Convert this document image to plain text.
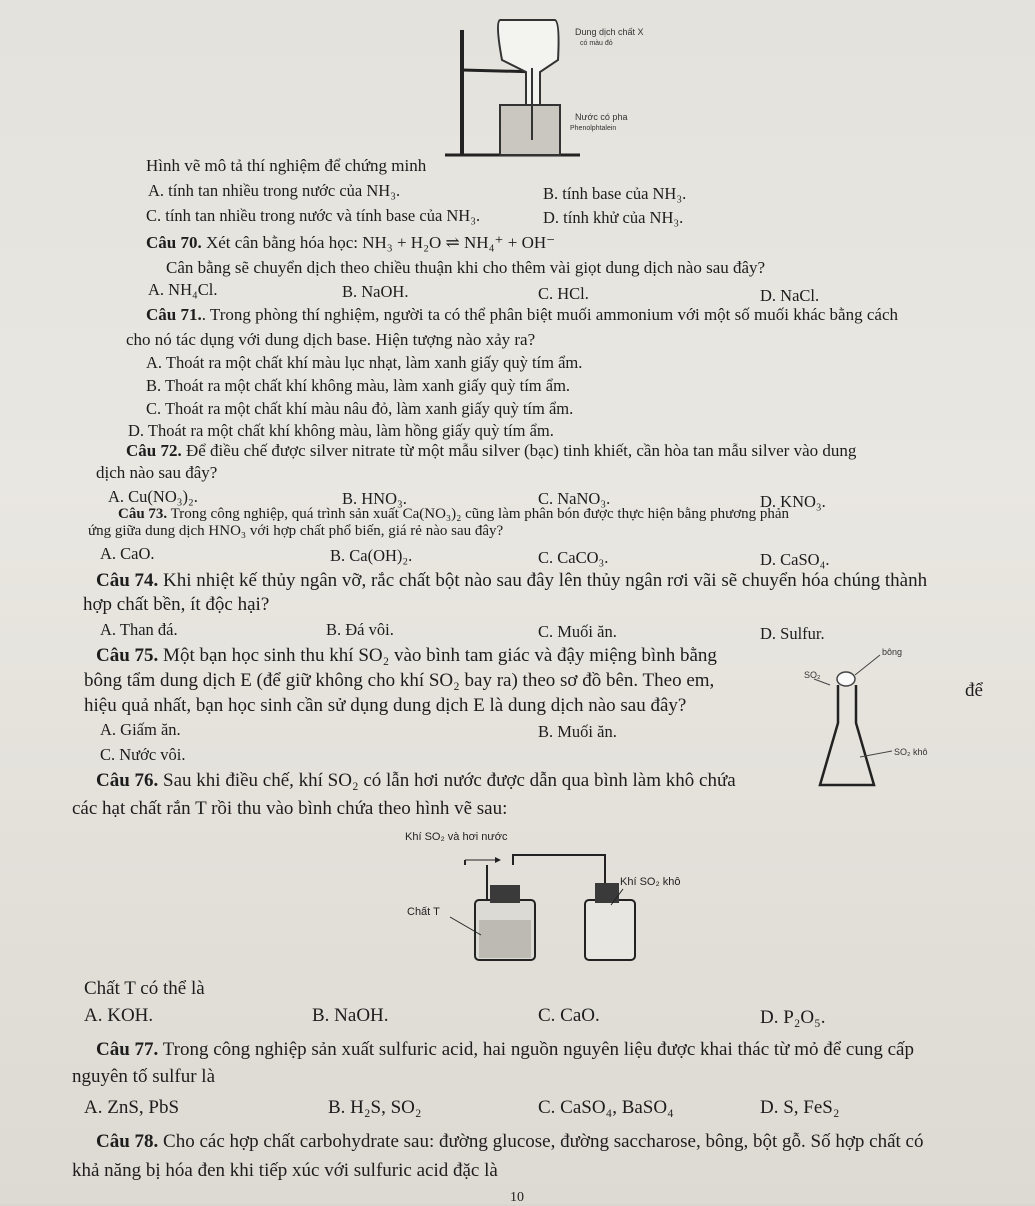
Dung dịch chất X
có màu đỏ
Nước có pha
Phenolphtalein
Hình vẽ mô tả thí nghiệm để chứng minh
A. tính tan nhiều trong nước của NH₃.	B. tính base của NH₃.
C. tính tan nhiều trong nước và tính base của NH₃.	D. tính khử của NH₃.
Câu 70. Xét cân bằng hóa học: NH₃ + H₂O ⇌ NH₄⁺ + OH⁻
Cân bằng sẽ chuyển dịch theo chiều thuận khi cho thêm vài giọt dung dịch nào sau đây?
A. NH₄Cl.	B. NaOH.	C. HCl.	D. NaCl.
Câu 71.. Trong phòng thí nghiệm, người ta có thể phân biệt muối ammonium với một số muối khác bằng cách
cho nó tác dụng với dung dịch base. Hiện tượng nào xảy ra?
A. Thoát ra một chất khí màu lục nhạt, làm xanh giấy quỳ tím ẩm.
B. Thoát ra một chất khí không màu, làm xanh giấy quỳ tím ẩm.
C. Thoát ra một chất khí màu nâu đỏ, làm xanh giấy quỳ tím ẩm.
D. Thoát ra một chất khí không màu, làm hồng giấy quỳ tím ẩm.
Câu 72. Để điều chế được silver nitrate từ một mẫu silver (bạc) tinh khiết, cần hòa tan mẫu silver vào dung
dịch nào sau đây?
A. Cu(NO₃)₂.	B. HNO₃.	C. NaNO₃.	D. KNO₃.
Câu 73. Trong công nghiệp, quá trình sản xuất Ca(NO₃)₂ cũng làm phân bón được thực hiện bằng phương phản
ứng giữa dung dịch HNO₃ với hợp chất phổ biến, giá rẻ nào sau đây?
A. CaO.	B. Ca(OH)₂.	C. CaCO₃.	D. CaSO₄.
Câu 74. Khi nhiệt kế thủy ngân vỡ, rắc chất bột nào sau đây lên thủy ngân rơi vãi sẽ chuyển hóa chúng thành
hợp chất bền, ít độc hại?
A. Than đá.	B. Đá vôi.	C. Muối ăn.	D. Sulfur.
Câu 75. Một bạn học sinh thu khí SO₂ vào bình tam giác và đậy miệng bình bằng
bông tẩm dung dịch E (để giữ không cho khí SO₂ bay ra) theo sơ đồ bên. Theo em,	để
hiệu quả nhất, bạn học sinh cần sử dụng dung dịch E là dung dịch nào sau đây?
A. Giấm ăn.	B. Muối ăn.
C. Nước vôi.
bông
SO₂
SO₂ khô
Câu 76. Sau khi điều chế, khí SO₂ có lẫn hơi nước được dẫn qua bình làm khô chứa
các hạt chất rắn T rồi thu vào bình chứa theo hình vẽ sau:
Khí SO₂ và hơi nước
Chất T
Khí SO₂ khô
Chất T có thể là
A. KOH.	B. NaOH.	C. CaO.	D. P₂O₅.
Câu 77. Trong công nghiệp sản xuất sulfuric acid, hai nguồn nguyên liệu được khai thác từ mỏ để cung cấp
nguyên tố sulfur là
A. ZnS, PbS	B. H₂S, SO₂	C. CaSO₄, BaSO₄	D. S, FeS₂
Câu 78. Cho các hợp chất carbohydrate sau: đường glucose, đường saccharose, bông, bột gỗ. Số hợp chất có
khả năng bị hóa đen khi tiếp xúc với sulfuric acid đặc là
10
